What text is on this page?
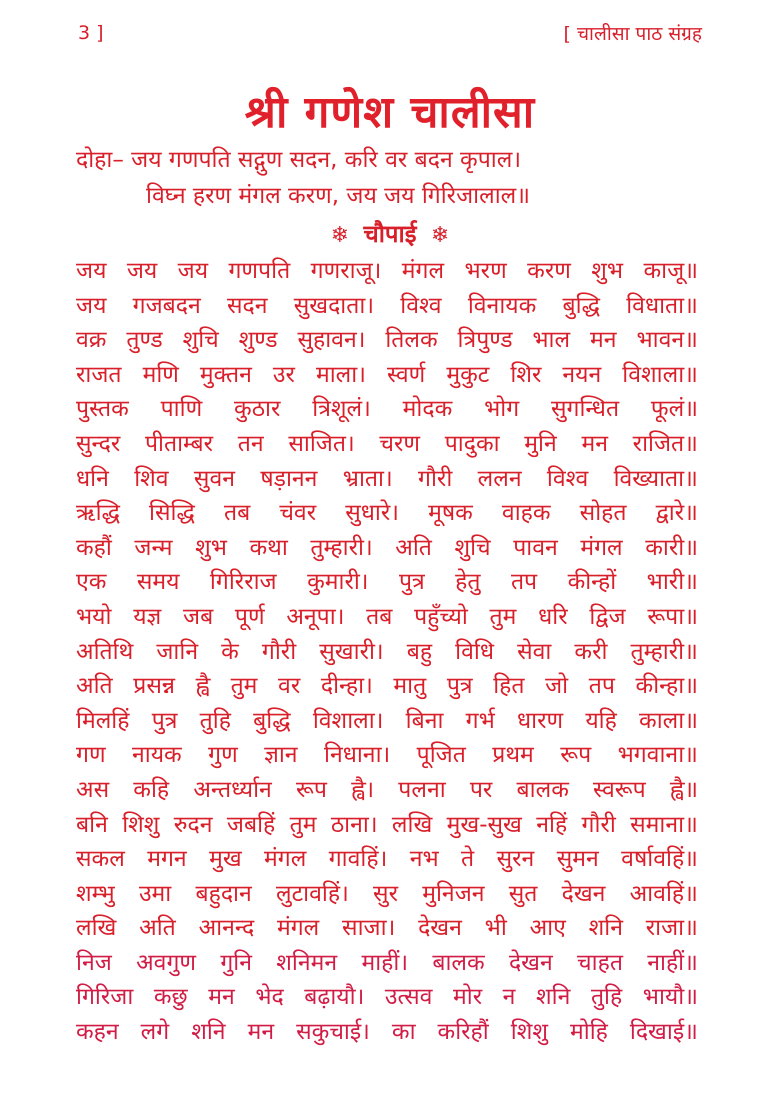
3 ]	[ चालीसा पाठ संग्रह
श्री गणेश चालीसा
दोहा– जय गणपति सद्गुण सदन, करि वर बदन कृपाल।
विघ्न हरण मंगल करण, जय जय गिरिजालाल॥
❄ चौपाई ❄
जय जय जय गणपति गणराजू। मंगल भरण करण शुभ काजू॥
जय गजबदन सदन सुखदाता। विश्व विनायक बुद्धि विधाता॥
वक्र तुण्ड शुचि शुण्ड सुहावन। तिलक त्रिपुण्ड भाल मन भावन॥
राजत मणि मुक्तन उर माला। स्वर्ण मुकुट शिर नयन विशाला॥
पुस्तक पाणि कुठार त्रिशूलं। मोदक भोग सुगन्धित फूलं॥
सुन्दर पीताम्बर तन साजित। चरण पादुका मुनि मन राजित॥
धनि शिव सुवन षड़ानन भ्राता। गौरी ललन विश्व विख्याता॥
ऋद्धि सिद्धि तब चंवर सुधारे। मूषक वाहक सोहत द्वारे॥
कहौं जन्म शुभ कथा तुम्हारी। अति शुचि पावन मंगल कारी॥
एक समय गिरिराज कुमारी। पुत्र हेतु तप कीन्हों भारी॥
भयो यज्ञ जब पूर्ण अनूपा। तब पहुँच्यो तुम धरि द्विज रूपा॥
अतिथि जानि के गौरी सुखारी। बहु विधि सेवा करी तुम्हारी॥
अति प्रसन्न ह्वै तुम वर दीन्हा। मातु पुत्र हित जो तप कीन्हा॥
मिलहिं पुत्र तुहि बुद्धि विशाला। बिना गर्भ धारण यहि काला॥
गण नायक गुण ज्ञान निधाना। पूजित प्रथम रूप भगवाना॥
अस कहि अन्तर्ध्यान रूप ह्वै। पलना पर बालक स्वरूप ह्वै॥
बनि शिशु रुदन जबहिं तुम ठाना। लखि मुख-सुख नहिं गौरी समाना॥
सकल मगन मुख मंगल गावहिं। नभ ते सुरन सुमन वर्षावहिं॥
शम्भु उमा बहुदान लुटावहिं। सुर मुनिजन सुत देखन आवहिं॥
लखि अति आनन्द मंगल साजा। देखन भी आए शनि राजा॥
निज अवगुण गुनि शनिमन माहीं। बालक देखन चाहत नाहीं॥
गिरिजा कछु मन भेद बढ़ायौ। उत्सव मोर न शनि तुहि भायौ॥
कहन लगे शनि मन सकुचाई। का करिहौं शिशु मोहि दिखाई॥
